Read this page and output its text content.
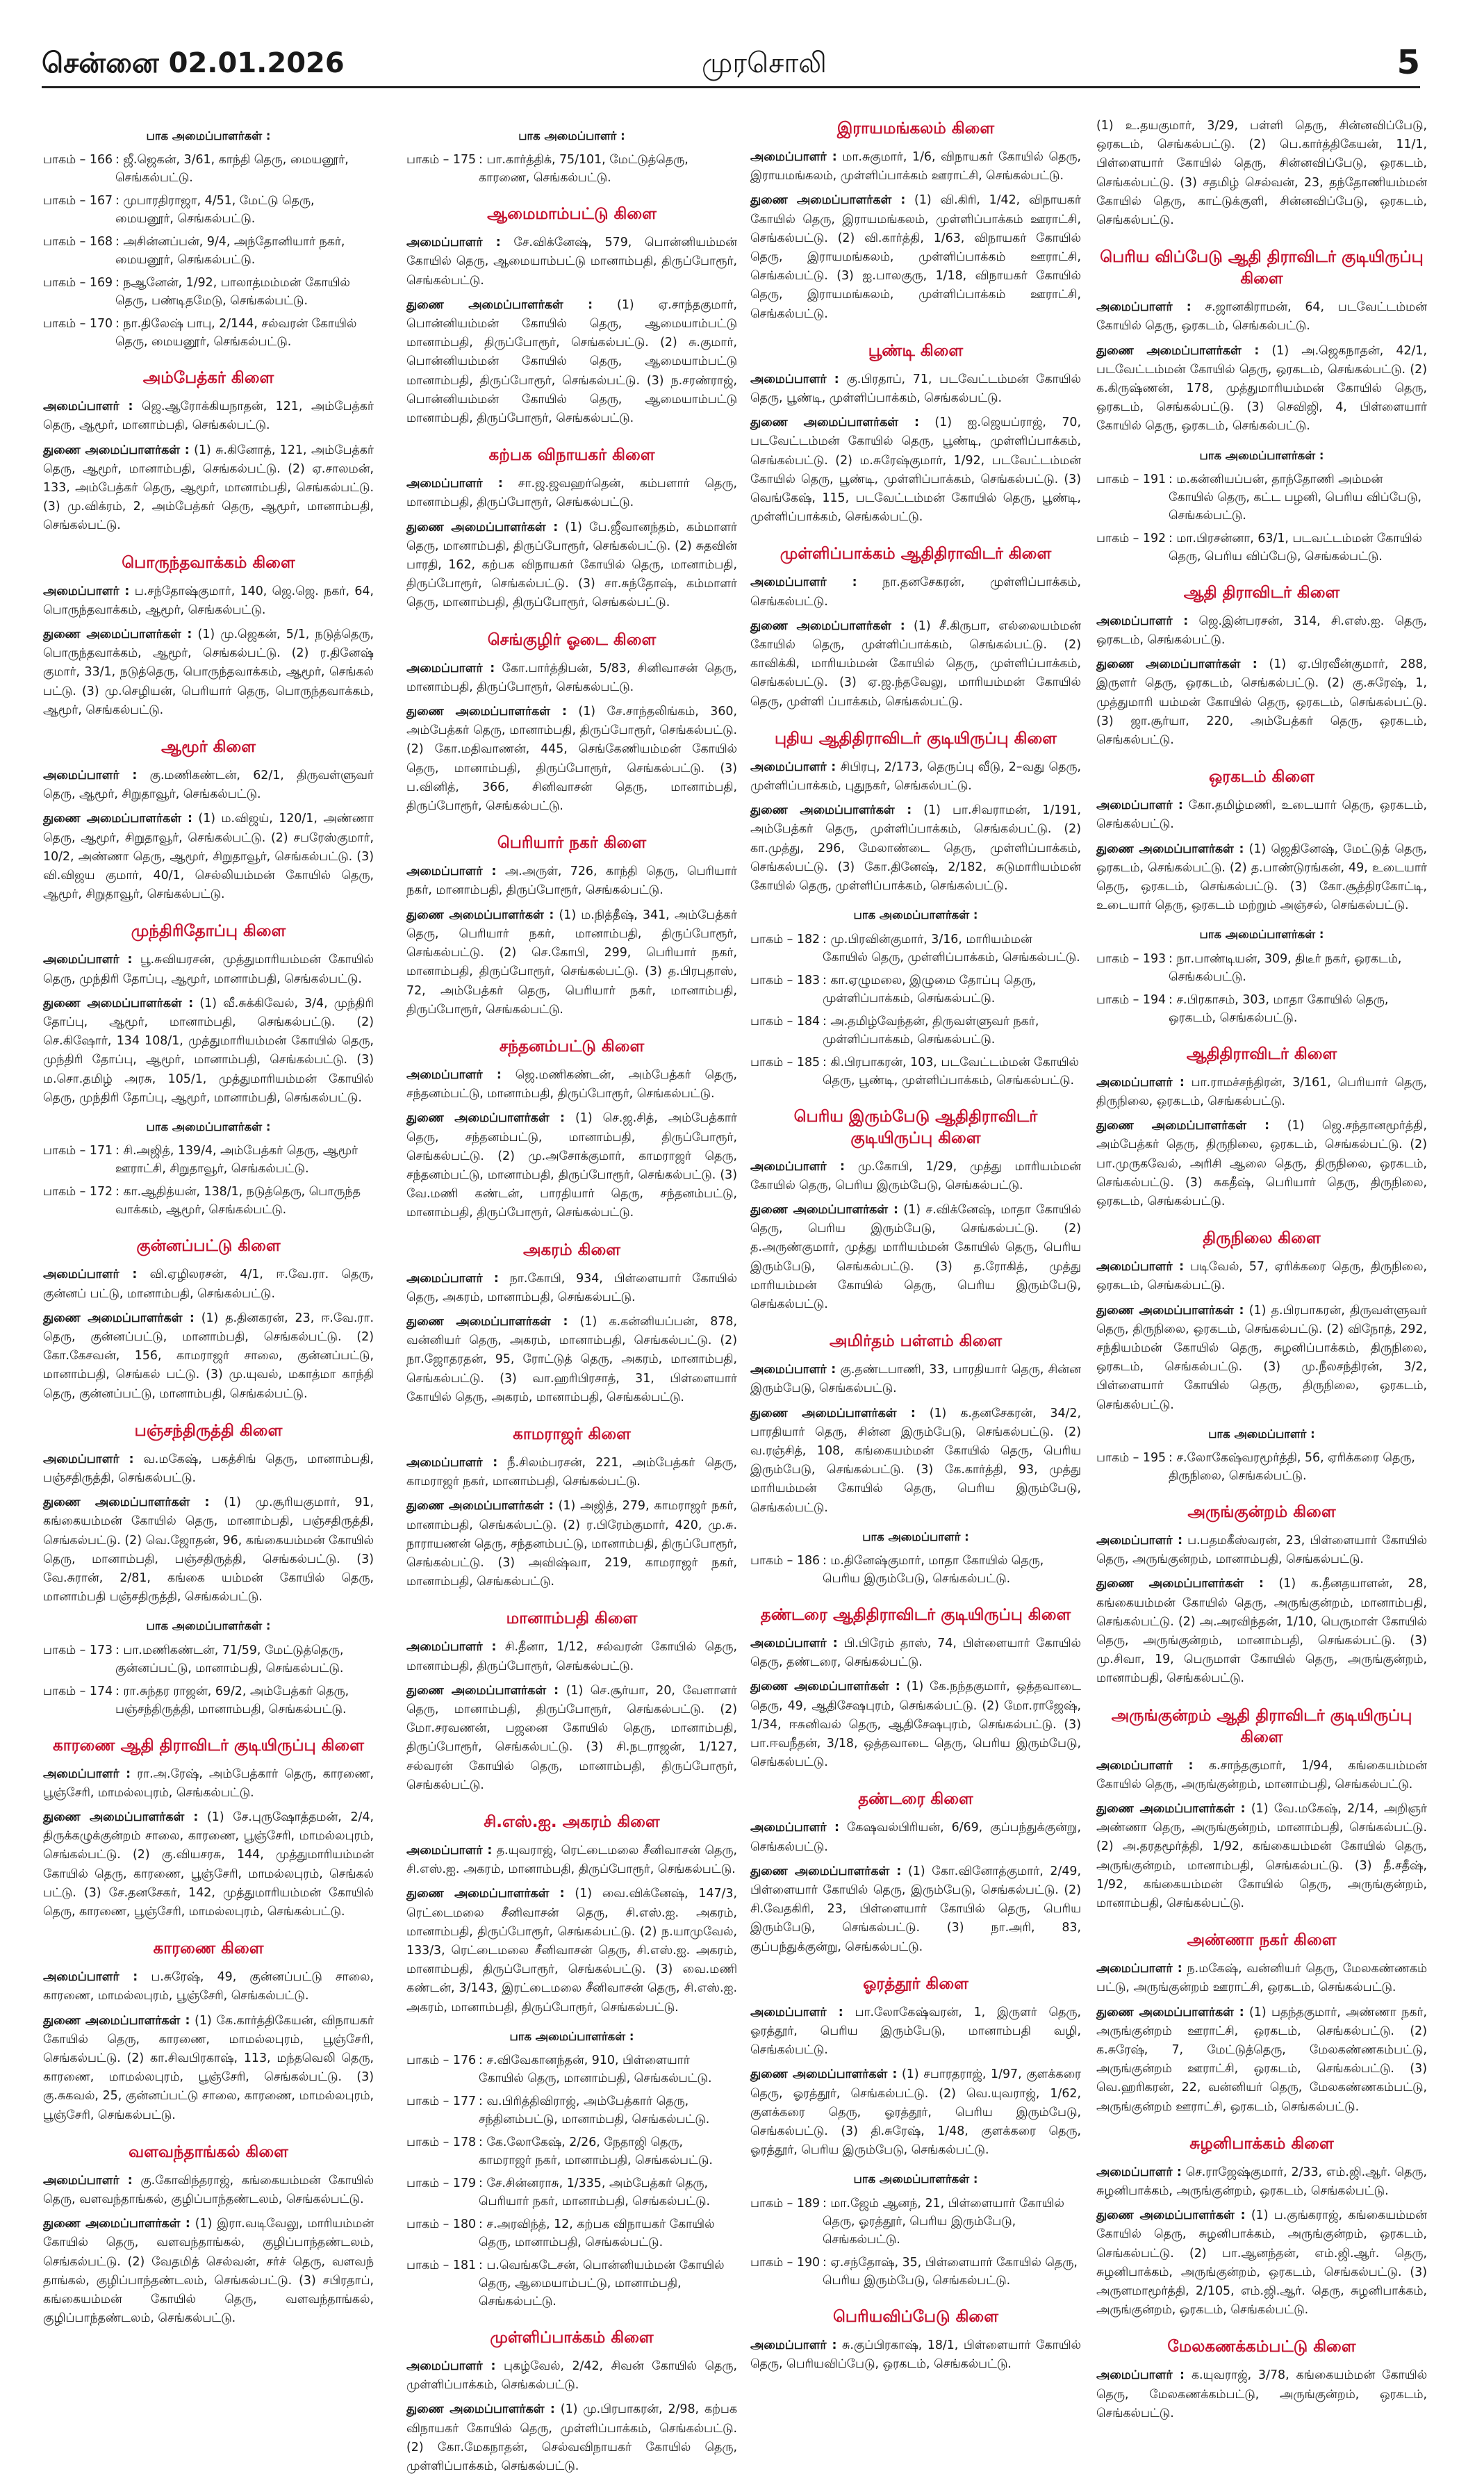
சென்னை 02.01.2026	முரசொலி	5
பாக அமைப்பாளர்கள் :
பாகம் – 166 : ஜீ.ஜெகன், 3/61, காந்தி தெரு, மையனூர், செங்கல்பட்டு.
பாகம் – 167 : முபாரதிராஜா, 4/51, மேட்டு தெரு, மையனூர், செங்கல்பட்டு.
பாகம் – 168 : அசின்னப்பன், 9/4, அந்தோனியார் நகர், மையனூர், செங்கல்பட்டு.
பாகம் – 169 : நஆனேன், 1/92, பாலாத்மம்மன் கோயில் தெரு, பண்டிதமேடு, செங்கல்பட்டு.
பாகம் – 170 : நா.திலேஷ் பாபு, 2/144, சல்வரன் கோயில் தெரு, மையனூர், செங்கல்பட்டு.
அம்பேத்கர் கிளை
அமைப்பாளர் : ஜெ.ஆரோக்கியநாதன், 121, அம்பேத்கர் தெரு, ஆமூர், மானாம்பதி, செங்கல்பட்டு.
துணை அமைப்பாளர்கள் : (1) சு.கினோத், 121, அம்பேத்கர் தெரு, ஆமூர், மானாம்பதி, செங்கல்பட்டு. (2) ஏ.சாலமன், 133, அம்பேத்கர் தெரு, ஆமூர், மானாம்பதி, செங்கல்பட்டு. (3) மு.விக்ரம், 2, அம்பேத்கர் தெரு, ஆமூர், மானாம்பதி, செங்கல்பட்டு.
பொருந்தவாக்கம் கிளை
அமைப்பாளர் : ப.சந்தோஷ்குமார், 140, ஜெ.ஜெ. நகர், 64, பொருந்தவாக்கம், ஆமூர், செங்கல்பட்டு.
துணை அமைப்பாளர்கள் : (1) மு.ஜெகன், 5/1, நடுத்தெரு, பொருந்தவாக்கம், ஆமூர், செங்கல்பட்டு. (2) ர.தினேஷ் குமார், 33/1, நடுத்தெரு, பொருந்தவாக்கம், ஆமூர், செங்கல் பட்டு. (3) மு.செழியன், பெரியார் தெரு, பொருந்தவாக்கம், ஆமூர், செங்கல்பட்டு.
ஆமூர் கிளை
அமைப்பாளர் : கு.மணிகண்டன், 62/1, திருவள்ளுவர் தெரு, ஆமூர், சிறுதாவூர், செங்கல்பட்டு.
துணை அமைப்பாளர்கள் : (1) ம.விஜய், 120/1, அண்ணா தெரு, ஆமூர், சிறுதாவூர், செங்கல்பட்டு. (2) சபரேஸ்குமார், 10/2, அண்ணா தெரு, ஆமூர், சிறுதாவூர், செங்கல்பட்டு. (3) வி.விஜய குமார், 40/1, செல்லியம்மன் கோயில் தெரு, ஆமூர், சிறுதாவூர், செங்கல்பட்டு.
முந்திரிதோப்பு கிளை
அமைப்பாளர் : பூ.சுவியரசன், முத்துமாரியம்மன் கோயில் தெரு, முந்திரி தோப்பு, ஆமூர், மானாம்பதி, செங்கல்பட்டு.
துணை அமைப்பாளர்கள் : (1) வீ.சுக்கிவேல், 3/4, முந்திரி தோப்பு, ஆமூர், மானாம்பதி, செங்கல்பட்டு. (2) செ.கிஷோர், 134 108/1, முத்துமாரியம்மன் கோயில் தெரு, முந்திரி தோப்பு, ஆமூர், மானாம்பதி, செங்கல்பட்டு. (3) ம.சொ.தமிழ் அரசு, 105/1, முத்துமாரியம்மன் கோயில் தெரு, முந்திரி தோப்பு, ஆமூர், மானாம்பதி, செங்கல்பட்டு.
பாக அமைப்பாளர்கள் :
பாகம் – 171 : சி.அஜித், 139/4, அம்பேத்கர் தெரு, ஆமூர் ஊராட்சி, சிறுதாவூர், செங்கல்பட்டு.
பாகம் – 172 : கா.ஆதித்யன், 138/1, நடுத்தெரு, பொருந்த வாக்கம், ஆமூர், செங்கல்பட்டு.
குன்னப்பட்டு கிளை
அமைப்பாளர் : வி.ஏழிலரசன், 4/1, ஈ.வே.ரா. தெரு, குன்னப் பட்டு, மானாம்பதி, செங்கல்பட்டு.
துணை அமைப்பாளர்கள் : (1) த.தினகரன், 23, ஈ.வே.ரா. தெரு, குன்னப்பட்டு, மானாம்பதி, செங்கல்பட்டு. (2) கோ.கேசவன், 156, காமராஜர் சாலை, குன்னப்பட்டு, மானாம்பதி, செங்கல் பட்டு. (3) மு.யுவல், மகாத்மா காந்தி தெரு, குன்னப்பட்டு, மானாம்பதி, செங்கல்பட்டு.
பஞ்சந்திருத்தி கிளை
அமைப்பாளர் : வ.மகேஷ், பகத்சிங் தெரு, மானாம்பதி, பஞ்சதிருத்தி, செங்கல்பட்டு.
துணை அமைப்பாளர்கள் : (1) மு.சூரியகுமார், 91, கங்கையம்மன் கோயில் தெரு, மானாம்பதி, பஞ்சதிருத்தி, செங்கல்பட்டு. (2) வெ.ஜோதன், 96, கங்கையம்மன் கோயில் தெரு, மானாம்பதி, பஞ்சதிருத்தி, செங்கல்பட்டு. (3) வே.சுரான், 2/81, கங்கை யம்மன் கோயில் தெரு, மானாம்பதி பஞ்சதிருத்தி, செங்கல்பட்டு.
பாக அமைப்பாளர்கள் :
பாகம் – 173 : பா.மணிகண்டன், 71/59, மேட்டுத்தெரு, குன்னப்பட்டு, மானாம்பதி, செங்கல்பட்டு.
பாகம் – 174 : ரா.சுந்தர ராஜன், 69/2, அம்பேத்கர் தெரு, பஞ்சந்திருத்தி, மானாம்பதி, செங்கல்பட்டு.
காரணை ஆதி திராவிடர் குடியிருப்பு கிளை
அமைப்பாளர் : ரா.அ.ரேஷ், அம்பேத்கார் தெரு, காரணை, பூஞ்சேரி, மாமல்லபுரம், செங்கல்பட்டு.
துணை அமைப்பாளர்கள் : (1) சே.புருஷோத்தமன், 2/4, திருக்கழுக்குன்றம் சாலை, காரணை, பூஞ்சேரி, மாமல்லபுரம், செங்கல்பட்டு. (2) கு.வியசரசு, 144, முத்துமாரியம்மன் கோயில் தெரு, காரணை, பூஞ்சேரி, மாமல்லபுரம், செங்கல் பட்டு. (3) சே.தனசேகர், 142, முத்துமாரியம்மன் கோயில் தெரு, காரணை, பூஞ்சேரி, மாமல்லபுரம், செங்கல்பட்டு.
காரணை கிளை
அமைப்பாளர் : ப.சுரேஷ், 49, குன்னப்பட்டு சாலை, காரணை, மாமல்லபுரம், பூஞ்சேரி, செங்கல்பட்டு.
துணை அமைப்பாளர்கள் : (1) கே.கார்த்திகேயன், விநாயகர் கோயில் தெரு, காரணை, மாமல்லபுரம், பூஞ்சேரி, செங்கல்பட்டு. (2) கா.சிவபிரகாஷ், 113, மந்தவெலி தெரு, காரணை, மாமல்லபுரம், பூஞ்சேரி, செங்கல்பட்டு. (3) கு.சுகவல், 25, குன்னப்பட்டு சாலை, காரணை, மாமல்லபுரம், பூஞ்சேரி, செங்கல்பட்டு.
வளவந்தாங்கல் கிளை
அமைப்பாளர் : கு.கோவிந்தராஜ், கங்கையம்மன் கோயில் தெரு, வளவந்தாங்கல், குழிப்பாந்தண்டலம், செங்கல்பட்டு.
துணை அமைப்பாளர்கள் : (1) இரா.வடிவேலு, மாரியம்மன் கோயில் தெரு, வளவந்தாங்கல், குழிப்பாந்தண்டலம், செங்கல்பட்டு. (2) வேதமித் செல்வன், சர்ச் தெரு, வளவந் தாங்கல், குழிப்பாந்தண்டலம், செங்கல்பட்டு. (3) சபிரதாப், கங்கையம்மன் கோயில் தெரு, வளவந்தாங்கல், குழிப்பாந்தண்டலம், செங்கல்பட்டு.
பாக அமைப்பாளர் :
பாகம் – 175 : பா.கார்த்திக், 75/101, மேட்டுத்தெரு, காரணை, செங்கல்பட்டு.
ஆமைமாம்பட்டு கிளை
அமைப்பாளர் : சே.விக்னேஷ், 579, பொன்னியம்மன் கோயில் தெரு, ஆமையாம்பட்டு மானாம்பதி, திருப்போரூர், செங்கல்பட்டு.
துணை அமைப்பாளர்கள் : (1) ஏ.சாந்தகுமார், பொன்னியம்மன் கோயில் தெரு, ஆமையாம்பட்டு மானாம்பதி, திருப்போரூர், செங்கல்பட்டு. (2) சு.குமார், பொன்னியம்மன் கோயில் தெரு, ஆமையாம்பட்டு மானாம்பதி, திருப்போரூர், செங்கல்பட்டு. (3) ந.சரண்ராஜ், பொன்னியம்மன் கோயில் தெரு, ஆமையாம்பட்டு மானாம்பதி, திருப்போரூர், செங்கல்பட்டு.
கற்பக விநாயகர் கிளை
அமைப்பாளர் : சா.ஜ.ஜவஹர்தென், கம்பளார் தெரு, மானாம்பதி, திருப்போரூர், செங்கல்பட்டு.
துணை அமைப்பாளர்கள் : (1) பே.ஜீவானந்தம், கம்மாளர் தெரு, மானாம்பதி, திருப்போரூர், செங்கல்பட்டு. (2) சுதவின் பாரதி, 162, கற்பக விநாயகர் கோயில் தெரு, மானாம்பதி, திருப்போரூர், செங்கல்பட்டு. (3) சா.சுந்தோஷ், கம்மாளர் தெரு, மானாம்பதி, திருப்போரூர், செங்கல்பட்டு.
செங்குழிர் ஓடை கிளை
அமைப்பாளர் : கோ.பார்த்திபன், 5/83, சினிவாசன் தெரு, மானாம்பதி, திருப்போரூர், செங்கல்பட்டு.
துணை அமைப்பாளர்கள் : (1) சே.சாந்தலிங்கம், 360, அம்பேத்கர் தெரு, மானாம்பதி, திருப்போரூர், செங்கல்பட்டு. (2) கோ.மதிவாணன், 445, செங்கேணியம்மன் கோயில் தெரு, மானாம்பதி, திருப்போரூர், செங்கல்பட்டு. (3) ப.வினித், 366, சினிவாசன் தெரு, மானாம்பதி, திருப்போரூர், செங்கல்பட்டு.
பெரியார் நகர் கிளை
அமைப்பாளர் : அ.அருள், 726, காந்தி தெரு, பெரியார் நகர், மானாம்பதி, திருப்போரூர், செங்கல்பட்டு.
துணை அமைப்பாளர்கள் : (1) ம.நித்தீஷ், 341, அம்பேத்கர் தெரு, பெரியார் நகர், மானாம்பதி, திருப்போரூர், செங்கல்பட்டு. (2) செ.கோபி, 299, பெரியார் நகர், மானாம்பதி, திருப்போரூர், செங்கல்பட்டு. (3) த.பிரபுதாஸ், 72, அம்பேத்கர் தெரு, பெரியார் நகர், மானாம்பதி, திருப்போரூர், செங்கல்பட்டு.
சந்தனம்பட்டு கிளை
அமைப்பாளர் : ஜெ.மணிகண்டன், அம்பேத்கர் தெரு, சந்தனம்பட்டு, மானாம்பதி, திருப்போரூர், செங்கல்பட்டு.
துணை அமைப்பாளர்கள் : (1) செ.ஜ.சித், அம்பேத்கார் தெரு, சந்தனம்பட்டு, மானாம்பதி, திருப்போரூர், செங்கல்பட்டு. (2) மு.அசோக்குமார், காமராஜர் தெரு, சந்தனம்பட்டு, மானாம்பதி, திருப்போரூர், செங்கல்பட்டு. (3) வே.மணி கண்டன், பாரதியார் தெரு, சந்தனம்பட்டு, மானாம்பதி, திருப்போரூர், செங்கல்பட்டு.
அகரம் கிளை
அமைப்பாளர் : நா.கோபி, 934, பிள்ளையார் கோயில் தெரு, அகரம், மானாம்பதி, செங்கல்பட்டு.
துணை அமைப்பாளர்கள் : (1) க.கன்னியப்பன், 878, வன்னியர் தெரு, அகரம், மானாம்பதி, செங்கல்பட்டு. (2) நா.ஜோதரதன், 95, ரோட்டுத் தெரு, அகரம், மானாம்பதி, செங்கல்பட்டு. (3) வா.ஹரிபிரசாத், 31, பிள்ளையார் கோயில் தெரு, அகரம், மானாம்பதி, செங்கல்பட்டு.
காமராஜர் கிளை
அமைப்பாளர் : நீ.சிலம்பரசன், 221, அம்பேத்கர் தெரு, காமராஜர் நகர், மானாம்பதி, செங்கல்பட்டு.
துணை அமைப்பாளர்கள் : (1) அஜித், 279, காமராஜர் நகர், மானாம்பதி, செங்கல்பட்டு. (2) ர.பிரேம்குமார், 420, மு.சு. நாராயணன் தெரு, சந்தனம்பட்டு, மானாம்பதி, திருப்போரூர், செங்கல்பட்டு. (3) அவிஷ்வா, 219, காமராஜர் நகர், மானாம்பதி, செங்கல்பட்டு.
மானாம்பதி கிளை
அமைப்பாளர் : சி.தீனா, 1/12, சல்வரன் கோயில் தெரு, மானாம்பதி, திருப்போரூர், செங்கல்பட்டு.
துணை அமைப்பாளர்கள் : (1) செ.சூர்யா, 20, வேளாளர் தெரு, மானாம்பதி, திருப்போரூர், செங்கல்பட்டு. (2) மோ.சரவணன், பஜனை கோயில் தெரு, மானாம்பதி, திருப்போரூர், செங்கல்பட்டு. (3) சி.நடராஜன், 1/127, சல்வரன் கோயில் தெரு, மானாம்பதி, திருப்போரூர், செங்கல்பட்டு.
சி.எஸ்.ஐ. அகரம் கிளை
அமைப்பாளர் : த.யுவராஜ், ரெட்டைமலை சீனிவாசன் தெரு, சி.எஸ்.ஐ. அகரம், மானாம்பதி, திருப்போரூர், செங்கல்பட்டு.
துணை அமைப்பாளர்கள் : (1) வை.விக்னேஷ், 147/3, ரெட்டைமலை சீனிவாசன் தெரு, சி.எஸ்.ஐ. அகரம், மானாம்பதி, திருப்போரூர், செங்கல்பட்டு. (2) ந.யாமுவேல், 133/3, ரெட்டைமலை சீனிவாசன் தெரு, சி.எஸ்.ஐ. அகரம், மானாம்பதி, திருப்போரூர், செங்கல்பட்டு. (3) வை.மணி கண்டன், 3/143, இரட்டைமலை சீனிவாசன் தெரு, சி.எஸ்.ஐ. அகரம், மானாம்பதி, திருப்போரூர், செங்கல்பட்டு.
பாக அமைப்பாளர்கள் :
பாகம் – 176 : ச.விவேகானந்தன், 910, பிள்ளையார் கோயில் தெரு, மானாம்பதி, செங்கல்பட்டு.
பாகம் – 177 : வ.பிரித்திவிராஜ், அம்பேத்கார் தெரு, சந்தினம்பட்டு, மானாம்பதி, செங்கல்பட்டு.
பாகம் – 178 : கே.லோகேஷ், 2/26, நேதாஜி தெரு, காமராஜர் நகர், மானாம்பதி, செங்கல்பட்டு.
பாகம் – 179 : சே.சின்னராசு, 1/335, அம்பேத்கர் தெரு, பெரியார் நகர், மானாம்பதி, செங்கல்பட்டு.
பாகம் – 180 : ச.அரவிந்த், 12, கற்பக விநாயகர் கோயில் தெரு, மானாம்பதி, செங்கல்பட்டு.
பாகம் – 181 : ப.வெங்கடேசன், பொன்னியம்மன் கோயில் தெரு, ஆமையாம்பட்டு, மானாம்பதி, செங்கல்பட்டு.
முள்ளிப்பாக்கம் கிளை
அமைப்பாளர் : புகழ்வேல், 2/42, சிவன் கோயில் தெரு, முள்ளிப்பாக்கம், செங்கல்பட்டு.
துணை அமைப்பாளர்கள் : (1) மு.பிரபாகரன், 2/98, கற்பக விநாயகர் கோயில் தெரு, முள்ளிப்பாக்கம், செங்கல்பட்டு. (2) கோ.மேகநாதன், செல்வவிநாயகர் கோயில் தெரு, முள்ளிப்பாக்கம், செங்கல்பட்டு.
இராயமங்கலம் கிளை
அமைப்பாளர் : மா.சுகுமார், 1/6, விநாயகர் கோயில் தெரு, இராயமங்கலம், முள்ளிப்பாக்கம் ஊராட்சி, செங்கல்பட்டு.
துணை அமைப்பாளர்கள் : (1) வி.கிரி, 1/42, விநாயகர் கோயில் தெரு, இராயமங்கலம், முள்ளிப்பாக்கம் ஊராட்சி, செங்கல்பட்டு. (2) வி.கார்த்தி, 1/63, விநாயகர் கோயில் தெரு, இராயமங்கலம், முள்ளிப்பாக்கம் ஊராட்சி, செங்கல்பட்டு. (3) ஐ.பாலகுரு, 1/18, விநாயகர் கோயில் தெரு, இராயமங்கலம், முள்ளிப்பாக்கம் ஊராட்சி, செங்கல்பட்டு.
பூண்டி கிளை
அமைப்பாளர் : கு.பிரதாப், 71, படவேட்டம்மன் கோயில் தெரு, பூண்டி, முள்ளிப்பாக்கம், செங்கல்பட்டு.
துணை அமைப்பாளர்கள் : (1) ஐ.ஜெயப்ராஜ், 70, படவேட்டம்மன் கோயில் தெரு, பூண்டி, முள்ளிப்பாக்கம், செங்கல்பட்டு. (2) ம.சுரேஷ்குமார், 1/92, படவேட்டம்மன் கோயில் தெரு, பூண்டி, முள்ளிப்பாக்கம், செங்கல்பட்டு. (3) வெங்கேஷ், 115, படவேட்டம்மன் கோயில் தெரு, பூண்டி, முள்ளிப்பாக்கம், செங்கல்பட்டு.
முள்ளிப்பாக்கம் ஆதிதிராவிடர் கிளை
அமைப்பாளர் : நா.தனசேகரன், முள்ளிப்பாக்கம், செங்கல்பட்டு.
துணை அமைப்பாளர்கள் : (1) சீ.கிருபா, எல்லையம்மன் கோயில் தெரு, முள்ளிப்பாக்கம், செங்கல்பட்டு. (2) காவிக்கி, மாரியம்மன் கோயில் தெரு, முள்ளிப்பாக்கம், செங்கல்பட்டு. (3) ஏ.ஜ.ந்தவேலு, மாரியம்மன் கோயில் தெரு, முள்ளி ப்பாக்கம், செங்கல்பட்டு.
புதிய ஆதிதிராவிடர் குடியிருப்பு கிளை
அமைப்பாளர் : சிபிரபு, 2/173, தெருப்பு வீடு, 2–வது தெரு, முள்ளிப்பாக்கம், புதுநகர், செங்கல்பட்டு.
துணை அமைப்பாளர்கள் : (1) பா.சிவராமன், 1/191, அம்பேத்கர் தெரு, முள்ளிப்பாக்கம், செங்கல்பட்டு. (2) கா.முத்து, 296, மேலாண்டை தெரு, முள்ளிப்பாக்கம், செங்கல்பட்டு. (3) கோ.தினேஷ், 2/182, சுடுமாரியம்மன் கோயில் தெரு, முள்ளிப்பாக்கம், செங்கல்பட்டு.
பாக அமைப்பாளர்கள் :
பாகம் – 182 : மு.பிரவின்குமார், 3/16, மாரியம்மன் கோயில் தெரு, முள்ளிப்பாக்கம், செங்கல்பட்டு.
பாகம் – 183 : கா.ஏழுமலை, இழுமை தோப்பு தெரு, முள்ளிப்பாக்கம், செங்கல்பட்டு.
பாகம் – 184 : அ.தமிழ்வேந்தன், திருவள்ளுவர் நகர், முள்ளிப்பாக்கம், செங்கல்பட்டு.
பாகம் – 185 : கி.பிரபாகரன், 103, படவேட்டம்மன் கோயில் தெரு, பூண்டி, முள்ளிப்பாக்கம், செங்கல்பட்டு.
பெரிய இரும்பேடு ஆதிதிராவிடர் குடியிருப்பு கிளை
அமைப்பாளர் : மு.கோபி, 1/29, முத்து மாரியம்மன் கோயில் தெரு, பெரிய இரும்பேடு, செங்கல்பட்டு.
துணை அமைப்பாளர்கள் : (1) ச.விக்னேஷ், மாதா கோயில் தெரு, பெரிய இரும்பேடு, செங்கல்பட்டு. (2) த.அருண்குமார், முத்து மாரியம்மன் கோயில் தெரு, பெரிய இரும்பேடு, செங்கல்பட்டு. (3) த.ரோகித், முத்து மாரியம்மன் கோயில் தெரு, பெரிய இரும்பேடு, செங்கல்பட்டு.
அமிர்தம் பள்ளம் கிளை
அமைப்பாளர் : கு.தண்டபாணி, 33, பாரதியார் தெரு, சின்ன இரும்பேடு, செங்கல்பட்டு.
துணை அமைப்பாளர்கள் : (1) க.தனசேகரன், 34/2, பாரதியார் தெரு, சின்ன இரும்பேடு, செங்கல்பட்டு. (2) வ.ரஞ்சித், 108, கங்கையம்மன் கோயில் தெரு, பெரிய இரும்பேடு, செங்கல்பட்டு. (3) கே.கார்த்தி, 93, முத்து மாரியம்மன் கோயில் தெரு, பெரிய இரும்பேடு, செங்கல்பட்டு.
பாக அமைப்பாளர் :
பாகம் – 186 : ம.தினேஷ்குமார், மாதா கோயில் தெரு, பெரிய இரும்பேடு, செங்கல்பட்டு.
தண்டரை ஆதிதிராவிடர் குடியிருப்பு கிளை
அமைப்பாளர் : பி.பிரேம் தாஸ், 74, பிள்ளையார் கோயில் தெரு, தண்டரை, செங்கல்பட்டு.
துணை அமைப்பாளர்கள் : (1) கே.நந்தகுமார், ஒத்தவாடை தெரு, 49, ஆதிசேஷபுரம், செங்கல்பட்டு. (2) மோ.ராஜேஷ், 1/34, ஈசுனிவல் தெரு, ஆதிசேஷபுரம், செங்கல்பட்டு. (3) பா.ஈவநீதன், 3/18, ஒத்தவாடை தெரு, பெரிய இரும்பேடு, செங்கல்பட்டு.
தண்டரை கிளை
அமைப்பாளர் : கேஷவல்பிரியன், 6/69, குப்பந்துக்குன்று, செங்கல்பட்டு.
துணை அமைப்பாளர்கள் : (1) கோ.வினோத்குமார், 2/49, பிள்ளையார் கோயில் தெரு, இரும்பேடு, செங்கல்பட்டு. (2) சி.வேதகிரி, 23, பிள்ளையார் கோயில் தெரு, பெரிய இரும்பேடு, செங்கல்பட்டு. (3) நா.அரி, 83, குப்பந்துக்குன்று, செங்கல்பட்டு.
ஓரத்தூர் கிளை
அமைப்பாளர் : பா.லோகேஷ்வரன், 1, இருளர் தெரு, ஓரத்தூர், பெரிய இரும்பேடு, மானாம்பதி வழி, செங்கல்பட்டு.
துணை அமைப்பாளர்கள் : (1) சபாரதராஜ், 1/97, குளக்கரை தெரு, ஓரத்தூர், செங்கல்பட்டு. (2) வெ.யுவராஜ், 1/62, குளக்கரை தெரு, ஓரத்தூர், பெரிய இரும்பேடு, செங்கல்பட்டு. (3) தி.சுரேஷ், 1/48, குளக்கரை தெரு, ஓரத்தூர், பெரிய இரும்பேடு, செங்கல்பட்டு.
பாக அமைப்பாளர்கள் :
பாகம் – 189 : மா.ஜேம் ஆனந், 21, பிள்ளையார் கோயில் தெரு, ஓரத்தூர், பெரிய இரும்பேடு, செங்கல்பட்டு.
பாகம் – 190 : ஏ.சந்தோஷ், 35, பிள்ளையார் கோயில் தெரு, பெரிய இரும்பேடு, செங்கல்பட்டு.
பெரியவிப்பேடு கிளை
அமைப்பாளர் : சு.குப்பிரகாஷ், 18/1, பிள்ளையார் கோயில் தெரு, பெரியவிப்பேடு, ஒரகடம், செங்கல்பட்டு.
(1) உ.தயகுமார், 3/29, பள்ளி தெரு, சின்னவிப்பேடு, ஒரகடம், செங்கல்பட்டு. (2) பெ.கார்த்திகேயன், 11/1, பிள்ளையார் கோயில் தெரு, சின்னவிப்பேடு, ஒரகடம், செங்கல்பட்டு. (3) சதமிழ் செல்வன், 23, தந்தோணியம்மன் கோயில் தெரு, காட்டுக்குளி, சின்னவிப்பேடு, ஒரகடம், செங்கல்பட்டு.
பெரிய விப்பேடு ஆதி திராவிடர் குடியிருப்பு கிளை
அமைப்பாளர் : ச.ஜானகிராமன், 64, படவேட்டம்மன் கோயில் தெரு, ஒரகடம், செங்கல்பட்டு.
துணை அமைப்பாளர்கள் : (1) அ.ஜெகநாதன், 42/1, படவேட்டம்மன் கோயில் தெரு, ஒரகடம், செங்கல்பட்டு. (2) க.கிருஷ்ணன், 178, முத்துமாரியம்மன் கோயில் தெரு, ஒரகடம், செங்கல்பட்டு. (3) செவிஜி, 4, பிள்ளையார் கோயில் தெரு, ஒரகடம், செங்கல்பட்டு.
பாக அமைப்பாளர்கள் :
பாகம் – 191 : ம.கன்னியப்பன், தாந்தோணி அம்மன் கோயில் தெரு, கட்ட பழனி, பெரிய விப்பேடு, செங்கல்பட்டு.
பாகம் – 192 : மா.பிரசன்னா, 63/1, படவட்டம்மன் கோயில் தெரு, பெரிய விப்பேடு, செங்கல்பட்டு.
ஆதி திராவிடர் கிளை
அமைப்பாளர் : ஜெ.இன்பரசன், 314, சி.எஸ்.ஐ. தெரு, ஒரகடம், செங்கல்பட்டு.
துணை அமைப்பாளர்கள் : (1) ஏ.பிரவீன்குமார், 288, இருளர் தெரு, ஒரகடம், செங்கல்பட்டு. (2) கு.சுரேஷ், 1, முத்துமாரி யம்மன் கோயில் தெரு, ஒரகடம், செங்கல்பட்டு. (3) ஜா.சூர்யா, 220, அம்பேத்கர் தெரு, ஒரகடம், செங்கல்பட்டு.
ஒரகடம் கிளை
அமைப்பாளர் : கோ.தமிழ்மணி, உடையார் தெரு, ஒரகடம், செங்கல்பட்டு.
துணை அமைப்பாளர்கள் : (1) ஜெதினேஷ், மேட்டுத் தெரு, ஒரகடம், செங்கல்பட்டு. (2) த.பாண்டுரங்கன், 49, உடையார் தெரு, ஒரகடம், செங்கல்பட்டு. (3) கோ.சூத்திரகோட்டி, உடையார் தெரு, ஒரகடம் மற்றும் அஞ்சல், செங்கல்பட்டு.
பாக அமைப்பாளர்கள் :
பாகம் – 193 : நா.பாண்டியன், 309, திடீர் நகர், ஒரகடம், செங்கல்பட்டு.
பாகம் – 194 : ச.பிரகாசம், 303, மாதா கோயில் தெரு, ஒரகடம், செங்கல்பட்டு.
ஆதிதிராவிடர் கிளை
அமைப்பாளர் : பா.ராமச்சந்திரன், 3/161, பெரியார் தெரு, திருநிலை, ஒரகடம், செங்கல்பட்டு.
துணை அமைப்பாளர்கள் : (1) ஜெ.சந்தானமூர்த்தி, அம்பேத்கர் தெரு, திருநிலை, ஒரகடம், செங்கல்பட்டு. (2) பா.முருகவேல், அரிசி ஆலை தெரு, திருநிலை, ஒரகடம், செங்கல்பட்டு. (3) சுகதீஷ், பெரியார் தெரு, திருநிலை, ஒரகடம், செங்கல்பட்டு.
திருநிலை கிளை
அமைப்பாளர் : படிவேல், 57, ஏரிக்கரை தெரு, திருநிலை, ஒரகடம், செங்கல்பட்டு.
துணை அமைப்பாளர்கள் : (1) த.பிரபாகரன், திருவள்ளுவர் தெரு, திருநிலை, ஒரகடம், செங்கல்பட்டு. (2) விநோத், 292, சந்தியம்மன் கோயில் தெரு, சுழனிப்பாக்கம், திருநிலை, ஒரகடம், செங்கல்பட்டு. (3) மு.நீலசந்திரன், 3/2, பிள்ளையார் கோயில் தெரு, திருநிலை, ஒரகடம், செங்கல்பட்டு.
பாக அமைப்பாளர் :
பாகம் – 195 : ச.லோகேஷ்வரமூர்த்தி, 56, ஏரிக்கரை தெரு, திருநிலை, செங்கல்பட்டு.
அருங்குன்றம் கிளை
அமைப்பாளர் : ப.பதமகீஸ்வரன், 23, பிள்ளையார் கோயில் தெரு, அருங்குன்றம், மானாம்பதி, செங்கல்பட்டு.
துணை அமைப்பாளர்கள் : (1) க.தீனதயாளன், 28, கங்கையம்மன் கோயில் தெரு, அருங்குன்றம், மானாம்பதி, செங்கல்பட்டு. (2) அ.அரவிந்தன், 1/10, பெருமாள் கோயில் தெரு, அருங்குன்றம், மானாம்பதி, செங்கல்பட்டு. (3) மு.சிவா, 19, பெருமாள் கோயில் தெரு, அருங்குன்றம், மானாம்பதி, செங்கல்பட்டு.
அருங்குன்றம் ஆதி திராவிடர் குடியிருப்பு கிளை
அமைப்பாளர் : க.சாந்தகுமார், 1/94, கங்கையம்மன் கோயில் தெரு, அருங்குன்றம், மானாம்பதி, செங்கல்பட்டு.
துணை அமைப்பாளர்கள் : (1) வே.மகேஷ், 2/14, அறிஞர் அண்ணா தெரு, அருங்குன்றம், மானாம்பதி, செங்கல்பட்டு. (2) அ.தரதமூர்த்தி, 1/92, கங்கையம்மன் கோயில் தெரு, அருங்குன்றம், மானாம்பதி, செங்கல்பட்டு. (3) தீ.சதீஷ், 1/92, கங்கையம்மன் கோயில் தெரு, அருங்குன்றம், மானாம்பதி, செங்கல்பட்டு.
அண்ணா நகர் கிளை
அமைப்பாளர் : ந.மகேஷ், வன்னியர் தெரு, மேலகண்ணகம் பட்டு, அருங்குன்றம் ஊராட்சி, ஒரகடம், செங்கல்பட்டு.
துணை அமைப்பாளர்கள் : (1) பதந்தகுமார், அண்ணா நகர், அருங்குன்றம் ஊராட்சி, ஒரகடம், செங்கல்பட்டு. (2) க.சுரேஷ், 7, மேட்டுத்தெரு, மேலகண்ணகம்பட்டு, அருங்குன்றம் ஊராட்சி, ஒரகடம், செங்கல்பட்டு. (3) வெ.ஹரிகரன், 22, வன்னியர் தெரு, மேலகண்ணகம்பட்டு, அருங்குன்றம் ஊராட்சி, ஒரகடம், செங்கல்பட்டு.
சுழனிபாக்கம் கிளை
அமைப்பாளர் : செ.ராஜேஷ்குமார், 2/33, எம்.ஜி.ஆர். தெரு, சுழனிபாக்கம், அருங்குன்றம், ஒரகடம், செங்கல்பட்டு.
துணை அமைப்பாளர்கள் : (1) ப.குங்கராஜ், கங்கையம்மன் கோயில் தெரு, சுழனிபாக்கம், அருங்குன்றம், ஒரகடம், செங்கல்பட்டு. (2) பா.ஆனந்தன், எம்.ஜி.ஆர். தெரு, சுழனிபாக்கம், அருங்குன்றம், ஒரகடம், செங்கல்பட்டு. (3) அருளமாமூர்த்தி, 2/105, எம்.ஜி.ஆர். தெரு, சுழனிபாக்கம், அருங்குன்றம், ஒரகடம், செங்கல்பட்டு.
மேலகணக்கம்பட்டு கிளை
அமைப்பாளர் : க.யுவராஜ், 3/78, கங்கையம்மன் கோயில் தெரு, மேலகணக்கம்பட்டு, அருங்குன்றம், ஒரகடம், செங்கல்பட்டு.
